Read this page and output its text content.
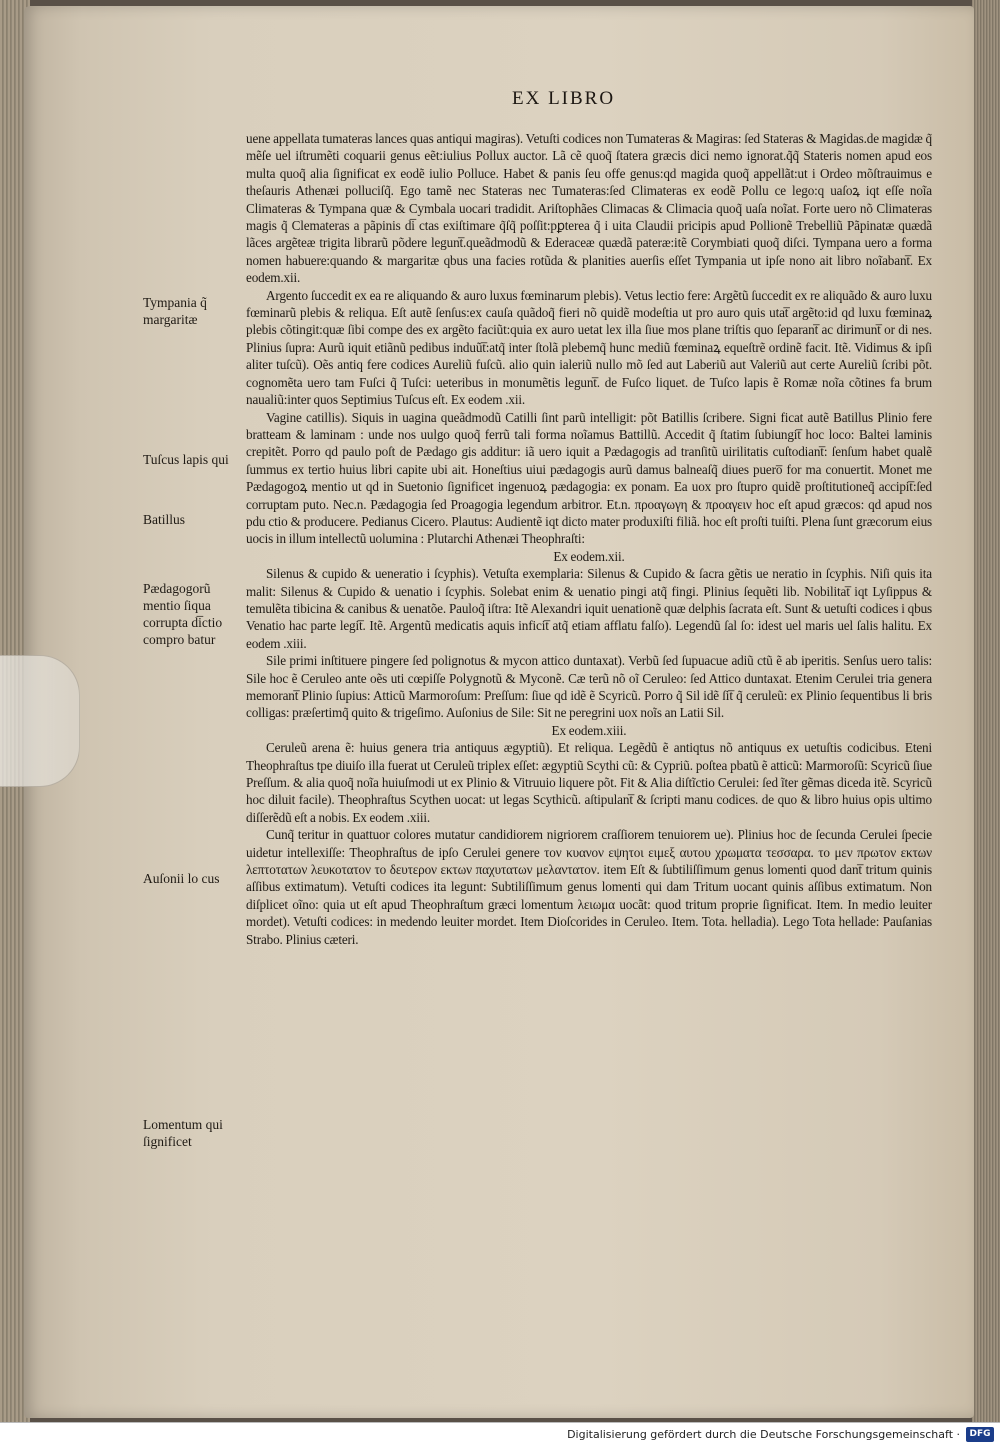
EX LIBRO
Tympania q̃ margaritæ
Tuſcus lapis qui
Batillus
Pædagogorũ mentio ſiqua corrupta di̅ctio compro batur
Auſonii lo cus
Lomentum qui ſignificet

uene appellata tumateras lances quas antiqui magiras). Vetuſti codices non Tumateras & Magiras: ſed Stateras & Magidas.de magidæ q̃ mẽſe uel iſtrumẽti coquarii genus eẽt:iulius Pollux auctor. Lã cẽ quoq̃ ſtatera græcis dici nemo ignorat.q̃q̃ Stateris nomen apud eos multa quoq̃ alia ſignificat ex eodẽ iulio Polluce. Habet & panis ſeu offe genus:qd magida quoq̃ appellãt:ut i Ordeo mõſtrauimus e theſauris Athenæi polluciſq̃. Ego tamẽ nec Stateras nec Tumateras:ſed Climateras ex eodẽ Pollu ce lego:q uaſoꝝ iqt eſſe noĩa Climateras & Tympana quæ & Cymbala uocari tradidit. Ariſtophães Climacas & Climacia quoq̃ uaſa noĩat. Forte uero nõ Climateras magis q̃ Clemateras a pãpinis di̅ ctas exiſtimare q̃ſq̃ poſſit:pꝑterea q̃ i uita Claudii pricipis apud Pollionẽ Trebelliũ Pãpinatæ quædã lãces argẽteæ trigita librarũ põdere legunt̅.queãdmodũ & Ederaceæ quædã pateræ:itẽ Corymbiati quoq̃ diſci. Tympana uero a forma nomen habuere:quando & margaritæ qbus una facies rotũda & planities auerſis eſſet Tympania ut ipſe nono ait libro noĩabant̅. Ex eodem.xii.

Argento ſuccedit ex ea re aliquando & auro luxus fœminarum plebis). Vetus lectio fere: Argẽtũ ſuccedit ex re aliquãdo & auro luxu fœminarũ plebis & reliqua. Eſt autẽ ſenſus:ex cauſa quãdoq̃ fieri nõ quidẽ modeſtia ut pro auro quis utat̅ argẽto:id qd luxu fœminaꝝ plebis cõtingit:quæ ſibi compe des ex argẽto faciũt:quia ex auro uetat lex illa ſiue mos plane triſtis quo ſeparant̅ ac dirimunt̅ or di nes. Plinius ſupra: Aurũ iquit etiãnũ pedibus induũt̅:atq̃ inter ſtolã plebemq̃ hunc mediũ fœminaꝝ equeſtrẽ ordinẽ facit. Itẽ. Vidimus & ipſi aliter tuſcũ). Oẽs antiq fere codices Aureliũ fuſcũ. alio quin ialeriũ nullo mõ ſed aut Laberiũ aut Valeriũ aut certe Aureliũ ſcribi põt. cognomẽta uero tam Fuſci q̃ Tuſci: ueteribus in monumẽtis legunt̅. de Fuſco liquet. de Tuſco lapis ẽ Romæ noĩa cõtines fa brum naualiũ:inter quos Septimius Tuſcus eſt. Ex eodem .xii.

Vagine catillis). Siquis in uagina queãdmodũ Catilli ſint parũ intelligit: põt Batillis ſcribere. Signi ficat autẽ Batillus Plinio fere bratteam & laminam : unde nos uulgo quoq̃ ferrũ tali forma noĩamus Battillũ. Accedit q̃ ſtatim ſubiungit̅ hoc loco: Baltei laminis crepitẽt. Porro qd paulo poſt de Pædago gis additur: iã uero iquit a Pædagogis ad tranſitũ uirilitatis cuſtodiant̅: ſenſum habet qualẽ ſummus ex tertio huius libri capite ubi ait. Honeſtius uiui pædagogis aurũ damus balneaſq̃ diues puero̅ for ma conuertit. Monet me Pædagogoꝝ mentio ut qd in Suetonio ſignificet ingenuoꝝ pædagogia: ex ponam. Ea uox pro ſtupro quidẽ proſtitutioneq̃ accipit̅:ſed corruptam puto. Nec.n. Pædagogia ſed Proagogia legendum arbitror. Et.n. προαγωγη & προαγειν hoc eſt apud græcos: qd apud nos pdu ctio & producere. Pedianus Cicero. Plautus: Audientẽ iqt dicto mater produxiſti filiã. hoc eſt proſti tuiſti. Plena ſunt græcorum eius uocis in illum intellectũ uolumina : Plutarchi Athenæi Theophraſti:

Ex eodem.xii.

Silenus & cupido & ueneratio i ſcyphis). Vetuſta exemplaria: Silenus & Cupido & ſacra gẽtis ue neratio in ſcyphis. Niſi quis ita malit: Silenus & Cupido & uenatio i ſcyphis. Solebat enim & uenatio pingi atq̃ fingi. Plinius ſequẽti lib. Nobilitat̅ iqt Lyſippus & temulẽta tibicina & canibus & uenatõe. Pauloq̃ iſtra: Itẽ Alexandri iquit uenationẽ quæ delphis ſacrata eſt. Sunt & uetuſti codices i qbus Venatio hac parte legit̅. Itẽ. Argentũ medicatis aquis inficit̅ atq̃ etiam afflatu falſo). Legendũ ſal ſo: idest uel maris uel ſalis halitu. Ex eodem .xiii.

Sile primi inſtituere pingere ſed polignotus & mycon attico duntaxat). Verbũ ſed ſupuacue adiũ ctũ ẽ ab iperitis. Senſus uero talis: Sile hoc ẽ Ceruleo ante oẽs uti cœpiſſe Polygnotũ & Myconẽ. Cæ terũ nõ oĩ Ceruleo: ſed Attico duntaxat. Etenim Cerulei tria genera memorant̅ Plinio ſupius: Atticũ Marmoroſum: Preſſum: ſiue qd idẽ ẽ Scyricũ. Porro q̃ Sil idẽ ſit̅ q̃ ceruleũ: ex Plinio ſequentibus li bris colligas: præſertimq̃ quito & trigeſimo. Auſonius de Sile: Sit ne peregrini uox noĩs an Latii Sil.

Ex eodem.xiii.

Ceruleũ arena ẽ: huius genera tria antiquus ægyptiũ). Et reliqua. Legẽdũ ẽ antiqtus nõ antiquus ex uetuſtis codicibus. Eteni Theophraſtus tpe diuiſo illa fuerat ut Ceruleũ triplex eſſet: ægyptiũ Scythi cũ: & Cypriũ. poſtea pbatũ ẽ atticũ: Marmoroſũ: Scyricũ ſiue Preſſum. & alia quoq̃ noĩa huiuſmodi ut ex Plinio & Vitruuio liquere põt. Fit & Alia diſtĩctio Cerulei: ſed ĩter gẽmas diceda itẽ. Scyricũ hoc diluit facile). Theophraſtus Scythen uocat: ut legas Scythicũ. aſtipulant̅ & ſcripti manu codices. de quo & libro huius opis ultimo diſſerẽdũ eſt a nobis. Ex eodem .xiii.

Cunq̃ teritur in quattuor colores mutatur candidiorem nigriorem craſſiorem tenuiorem ue). Plinius hoc de ſecunda Cerulei ſpecie uidetur intellexiſſe: Theophraſtus de ipſo Cerulei genere τον κυανον εψητοι ειμεξ αυτου χρωματα τεσσαρα. το μεν πρωτον εκτων λεπτοτατων λευκοτατον το δευτερον εκτων παχυτατων μελαντατον. item Eſt & ſubtiliſſimum genus lomenti quod dant̅ tritum quinis aſſibus extimatum). Vetuſti codices ita legunt: Subtiliſſimum genus lomenti qui dam Tritum uocant quinis aſſibus extimatum. Non diſplicet oĩno: quia ut eſt apud Theophraſtum græci lomentum λειωμα uocãt: quod tritum proprie ſignificat. Item. In medio leuiter mordet). Vetuſti codices: in medendo leuiter mordet. Item Dioſcorides in Ceruleo. Item. Tota. helladia). Lego Tota hellade: Pauſanias Strabo. Plinius cæteri.

Digitalisierung gefördert durch die Deutsche Forschungsgemeinschaft ·	DFG
